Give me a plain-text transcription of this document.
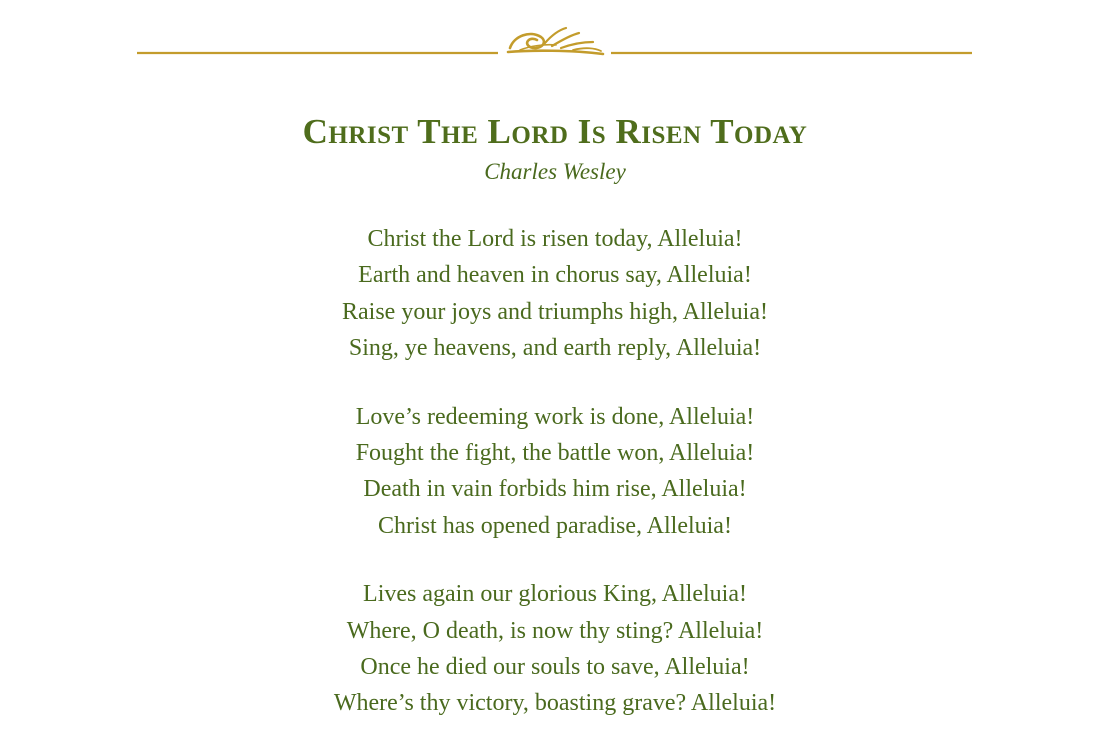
Christ The Lord Is Risen Today
Charles Wesley
Christ the Lord is risen today, Alleluia!
Earth and heaven in chorus say, Alleluia!
Raise your joys and triumphs high, Alleluia!
Sing, ye heavens, and earth reply, Alleluia!
Love’s redeeming work is done, Alleluia!
Fought the fight, the battle won, Alleluia!
Death in vain forbids him rise, Alleluia!
Christ has opened paradise, Alleluia!
Lives again our glorious King, Alleluia!
Where, O death, is now thy sting? Alleluia!
Once he died our souls to save, Alleluia!
Where’s thy victory, boasting grave? Alleluia!
